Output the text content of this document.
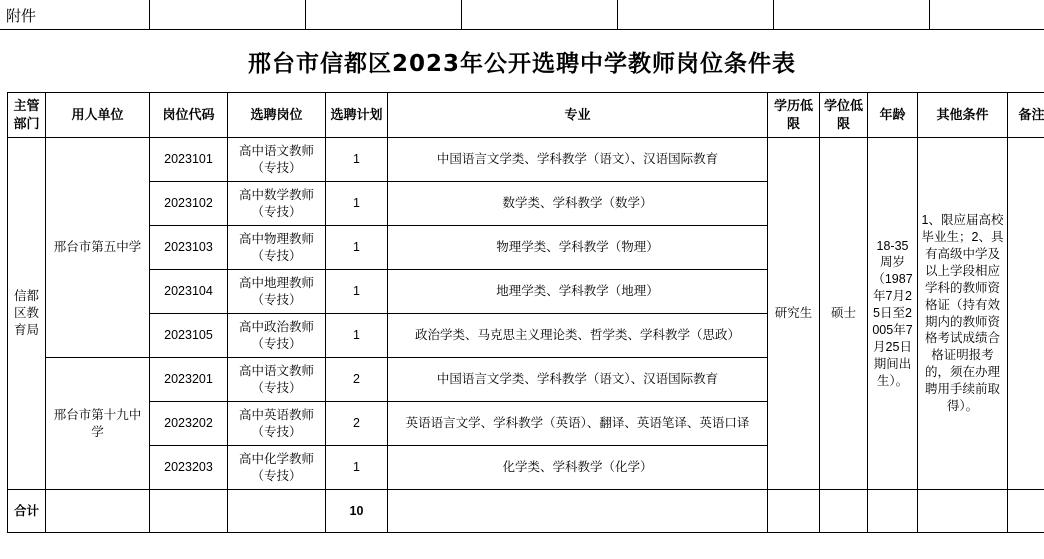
附件
邢台市信都区2023年公开选聘中学教师岗位条件表
主管部门	用人单位	岗位代码	选聘岗位	选聘计划	专业	学历低限	学位低限	年龄	其他条件	备注
信都区教育局	邢台市第五中学	2023101	高中语文教师（专技）	1	中国语言文学类、学科教学（语文）、汉语国际教育	研究生	硕士	18-35周岁（1987年7月25日至2005年7月25日期间出生）。	1、限应届高校毕业生；2、具有高级中学及以上学段相应学科的教师资格证（持有效期内的教师资格考试成绩合格证明报考的，须在办理聘用手续前取得）。	
		2023102	高中数学教师（专技）	1	数学类、学科教学（数学）					
		2023103	高中物理教师（专技）	1	物理学类、学科教学（物理）					
		2023104	高中地理教师（专技）	1	地理学类、学科教学（地理）					
		2023105	高中政治教师（专技）	1	政治学类、马克思主义理论类、哲学类、学科教学（思政）					
	邢台市第十九中学	2023201	高中语文教师（专技）	2	中国语言文学类、学科教学（语文）、汉语国际教育					
		2023202	高中英语教师（专技）	2	英语语言文学、学科教学（英语）、翻译、英语笔译、英语口译					
		2023203	高中化学教师（专技）	1	化学类、学科教学（化学）					
合计				10						
